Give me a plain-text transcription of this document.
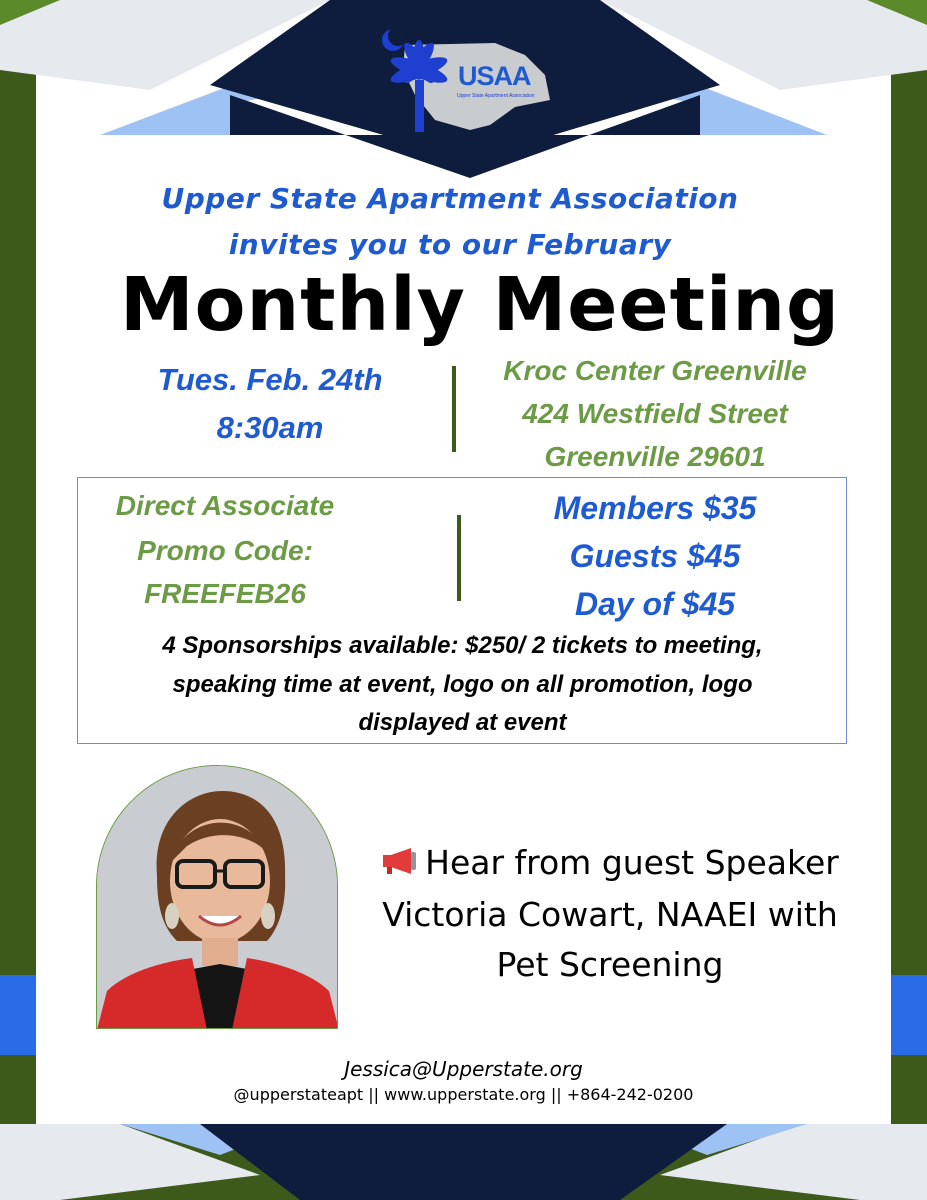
USAA
Upper State Apartment Association
Upper State Apartment Association
invites you to our February
Monthly Meeting
Tues. Feb. 24th
8:30am
Kroc Center Greenville
424 Westfield Street
Greenville 29601
Direct Associate
Promo Code:
FREEFEB26
Members $35
Guests $45
Day of $45
4 Sponsorships available: $250/ 2 tickets to meeting,
speaking time at event, logo on all promotion, logo
displayed at event
Hear from guest Speaker
Victoria Cowart, NAAEI with
Pet Screening
Jessica@Upperstate.org
@upperstateapt || www.upperstate.org || +864-242-0200
